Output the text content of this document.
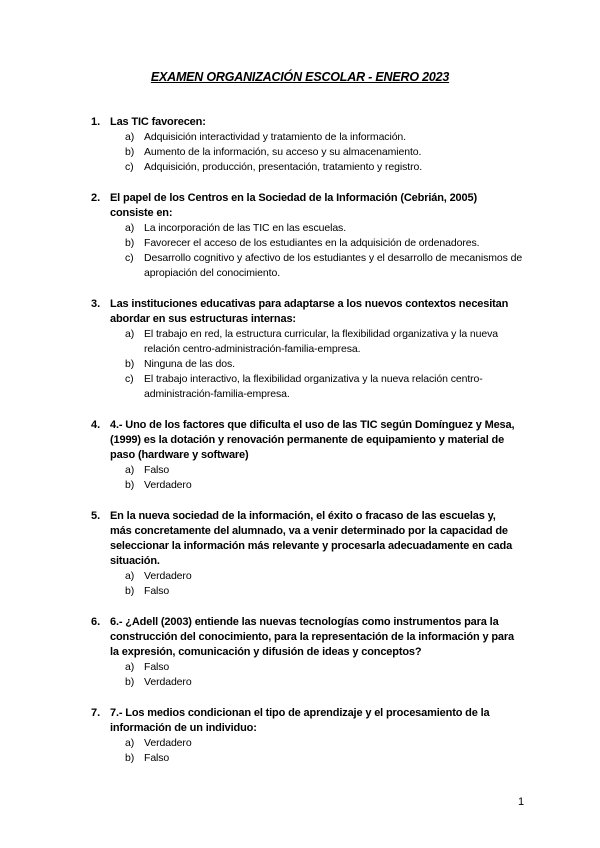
EXAMEN ORGANIZACIÓN ESCOLAR - ENERO 2023
1. Las TIC favorecen:
a) Adquisición interactividad y tratamiento de la información.
b) Aumento de la información, su acceso y su almacenamiento.
c) Adquisición, producción, presentación, tratamiento y registro.
2. El papel de los Centros en la Sociedad de la Información (Cebrián, 2005) consiste en:
a) La incorporación de las TIC en las escuelas.
b) Favorecer el acceso de los estudiantes en la adquisición de ordenadores.
c) Desarrollo cognitivo y afectivo de los estudiantes y el desarrollo de mecanismos de apropiación del conocimiento.
3. Las instituciones educativas para adaptarse a los nuevos contextos necesitan abordar en sus estructuras internas:
a) El trabajo en red, la estructura curricular, la flexibilidad organizativa y la nueva relación centro-administración-familia-empresa.
b) Ninguna de las dos.
c) El trabajo interactivo, la flexibilidad organizativa y la nueva relación centro-administración-familia-empresa.
4. 4.- Uno de los factores que dificulta el uso de las TIC según Domínguez y Mesa, (1999) es la dotación y renovación permanente de equipamiento y material de paso (hardware y software)
a) Falso
b) Verdadero
5. En la nueva sociedad de la información, el éxito o fracaso de las escuelas y, más concretamente del alumnado, va a venir determinado por la capacidad de seleccionar la información más relevante y procesarla adecuadamente en cada situación.
a) Verdadero
b) Falso
6. 6.- ¿Adell (2003) entiende las nuevas tecnologías como instrumentos para la construcción del conocimiento, para la representación de la información y para la expresión, comunicación y difusión de ideas y conceptos?
a) Falso
b) Verdadero
7. 7.- Los medios condicionan el tipo de aprendizaje y el procesamiento de la información de un individuo:
a) Verdadero
b) Falso
1
